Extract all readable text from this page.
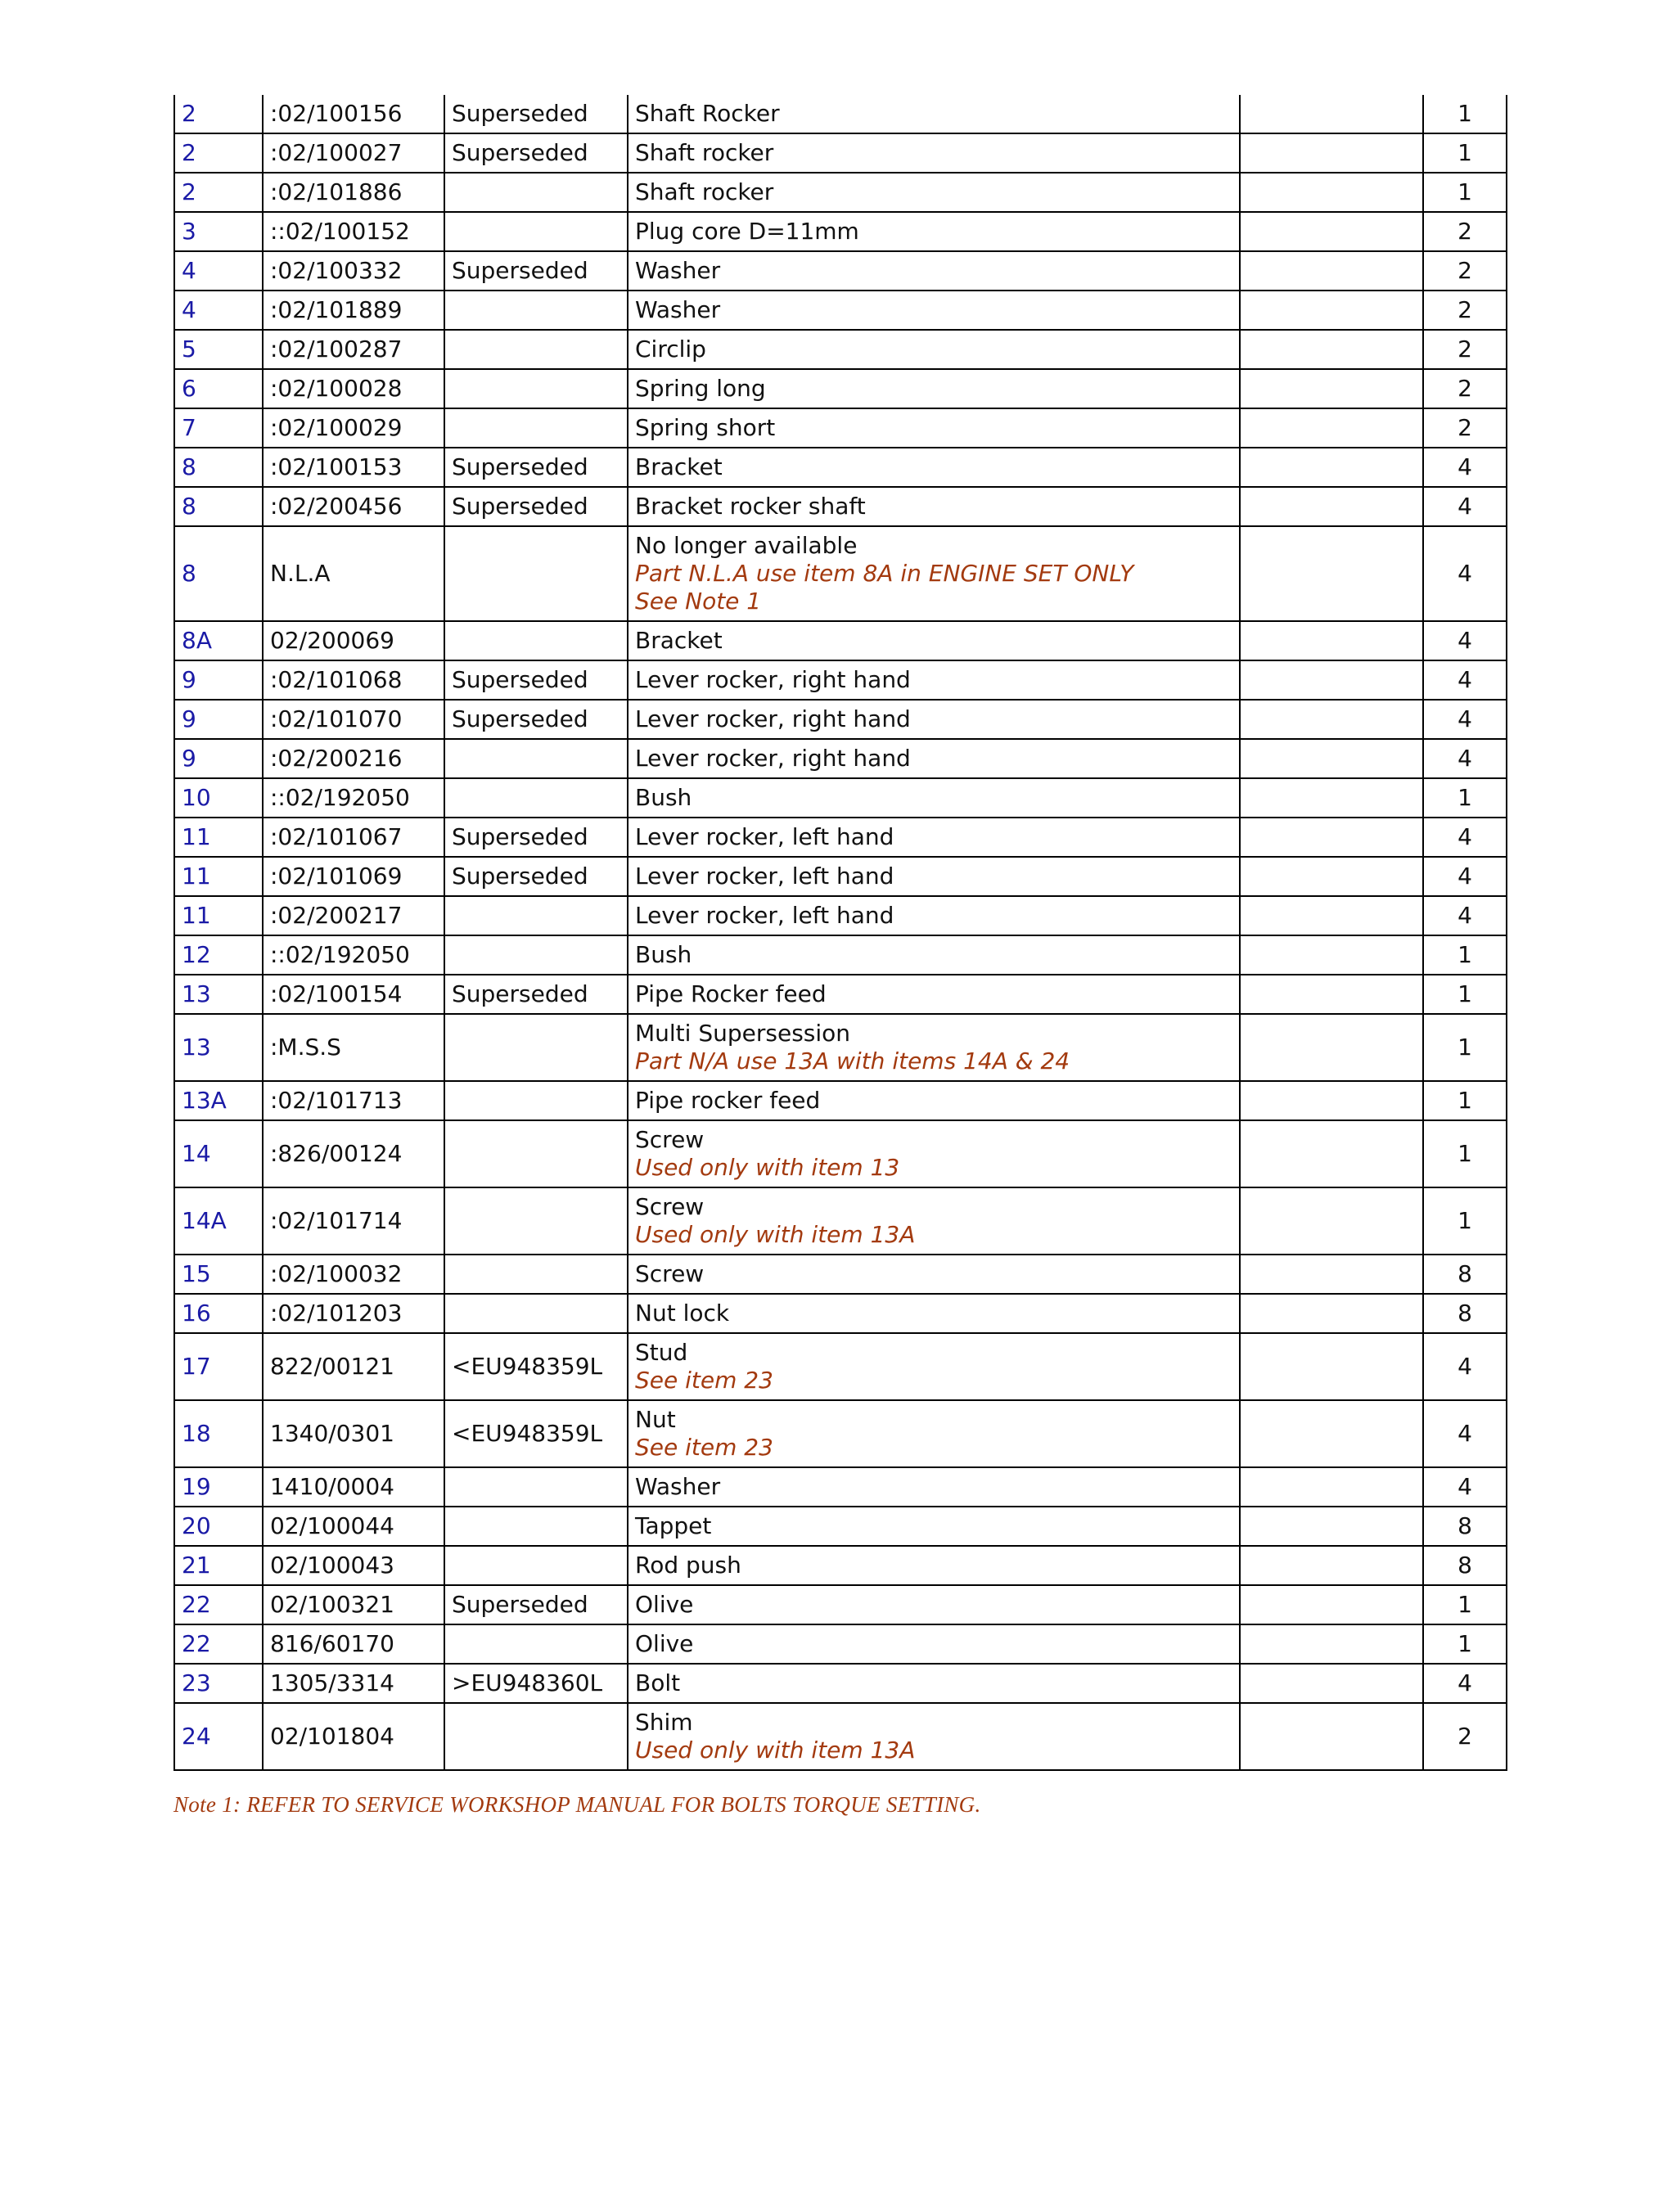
2	:02/100156	Superseded	Shaft Rocker		1
2	:02/100027	Superseded	Shaft rocker		1
2	:02/101886		Shaft rocker		1
3	::02/100152		Plug core D=11mm		2
4	:02/100332	Superseded	Washer		2
4	:02/101889		Washer		2
5	:02/100287		Circlip		2
6	:02/100028		Spring long		2
7	:02/100029		Spring short		2
8	:02/100153	Superseded	Bracket		4
8	:02/200456	Superseded	Bracket rocker shaft		4
8	N.L.A		No longer available
Part N.L.A use item 8A in ENGINE SET ONLY
See Note 1		4
8A	02/200069		Bracket		4
9	:02/101068	Superseded	Lever rocker, right hand		4
9	:02/101070	Superseded	Lever rocker, right hand		4
9	:02/200216		Lever rocker, right hand		4
10	::02/192050		Bush		1
11	:02/101067	Superseded	Lever rocker, left hand		4
11	:02/101069	Superseded	Lever rocker, left hand		4
11	:02/200217		Lever rocker, left hand		4
12	::02/192050		Bush		1
13	:02/100154	Superseded	Pipe Rocker feed		1
13	:M.S.S		Multi Supersession
Part N/A use 13A with items 14A & 24		1
13A	:02/101713		Pipe rocker feed		1
14	:826/00124		Screw
Used only with item 13		1
14A	:02/101714		Screw
Used only with item 13A		1
15	:02/100032		Screw		8
16	:02/101203		Nut lock		8
17	822/00121	<EU948359L	Stud
See item 23		4
18	1340/0301	<EU948359L	Nut
See item 23		4
19	1410/0004		Washer		4
20	02/100044		Tappet		8
21	02/100043		Rod push		8
22	02/100321	Superseded	Olive		1
22	816/60170		Olive		1
23	1305/3314	>EU948360L	Bolt		4
24	02/101804		Shim
Used only with item 13A		2
Note 1: REFER TO SERVICE WORKSHOP MANUAL FOR BOLTS TORQUE SETTING.
